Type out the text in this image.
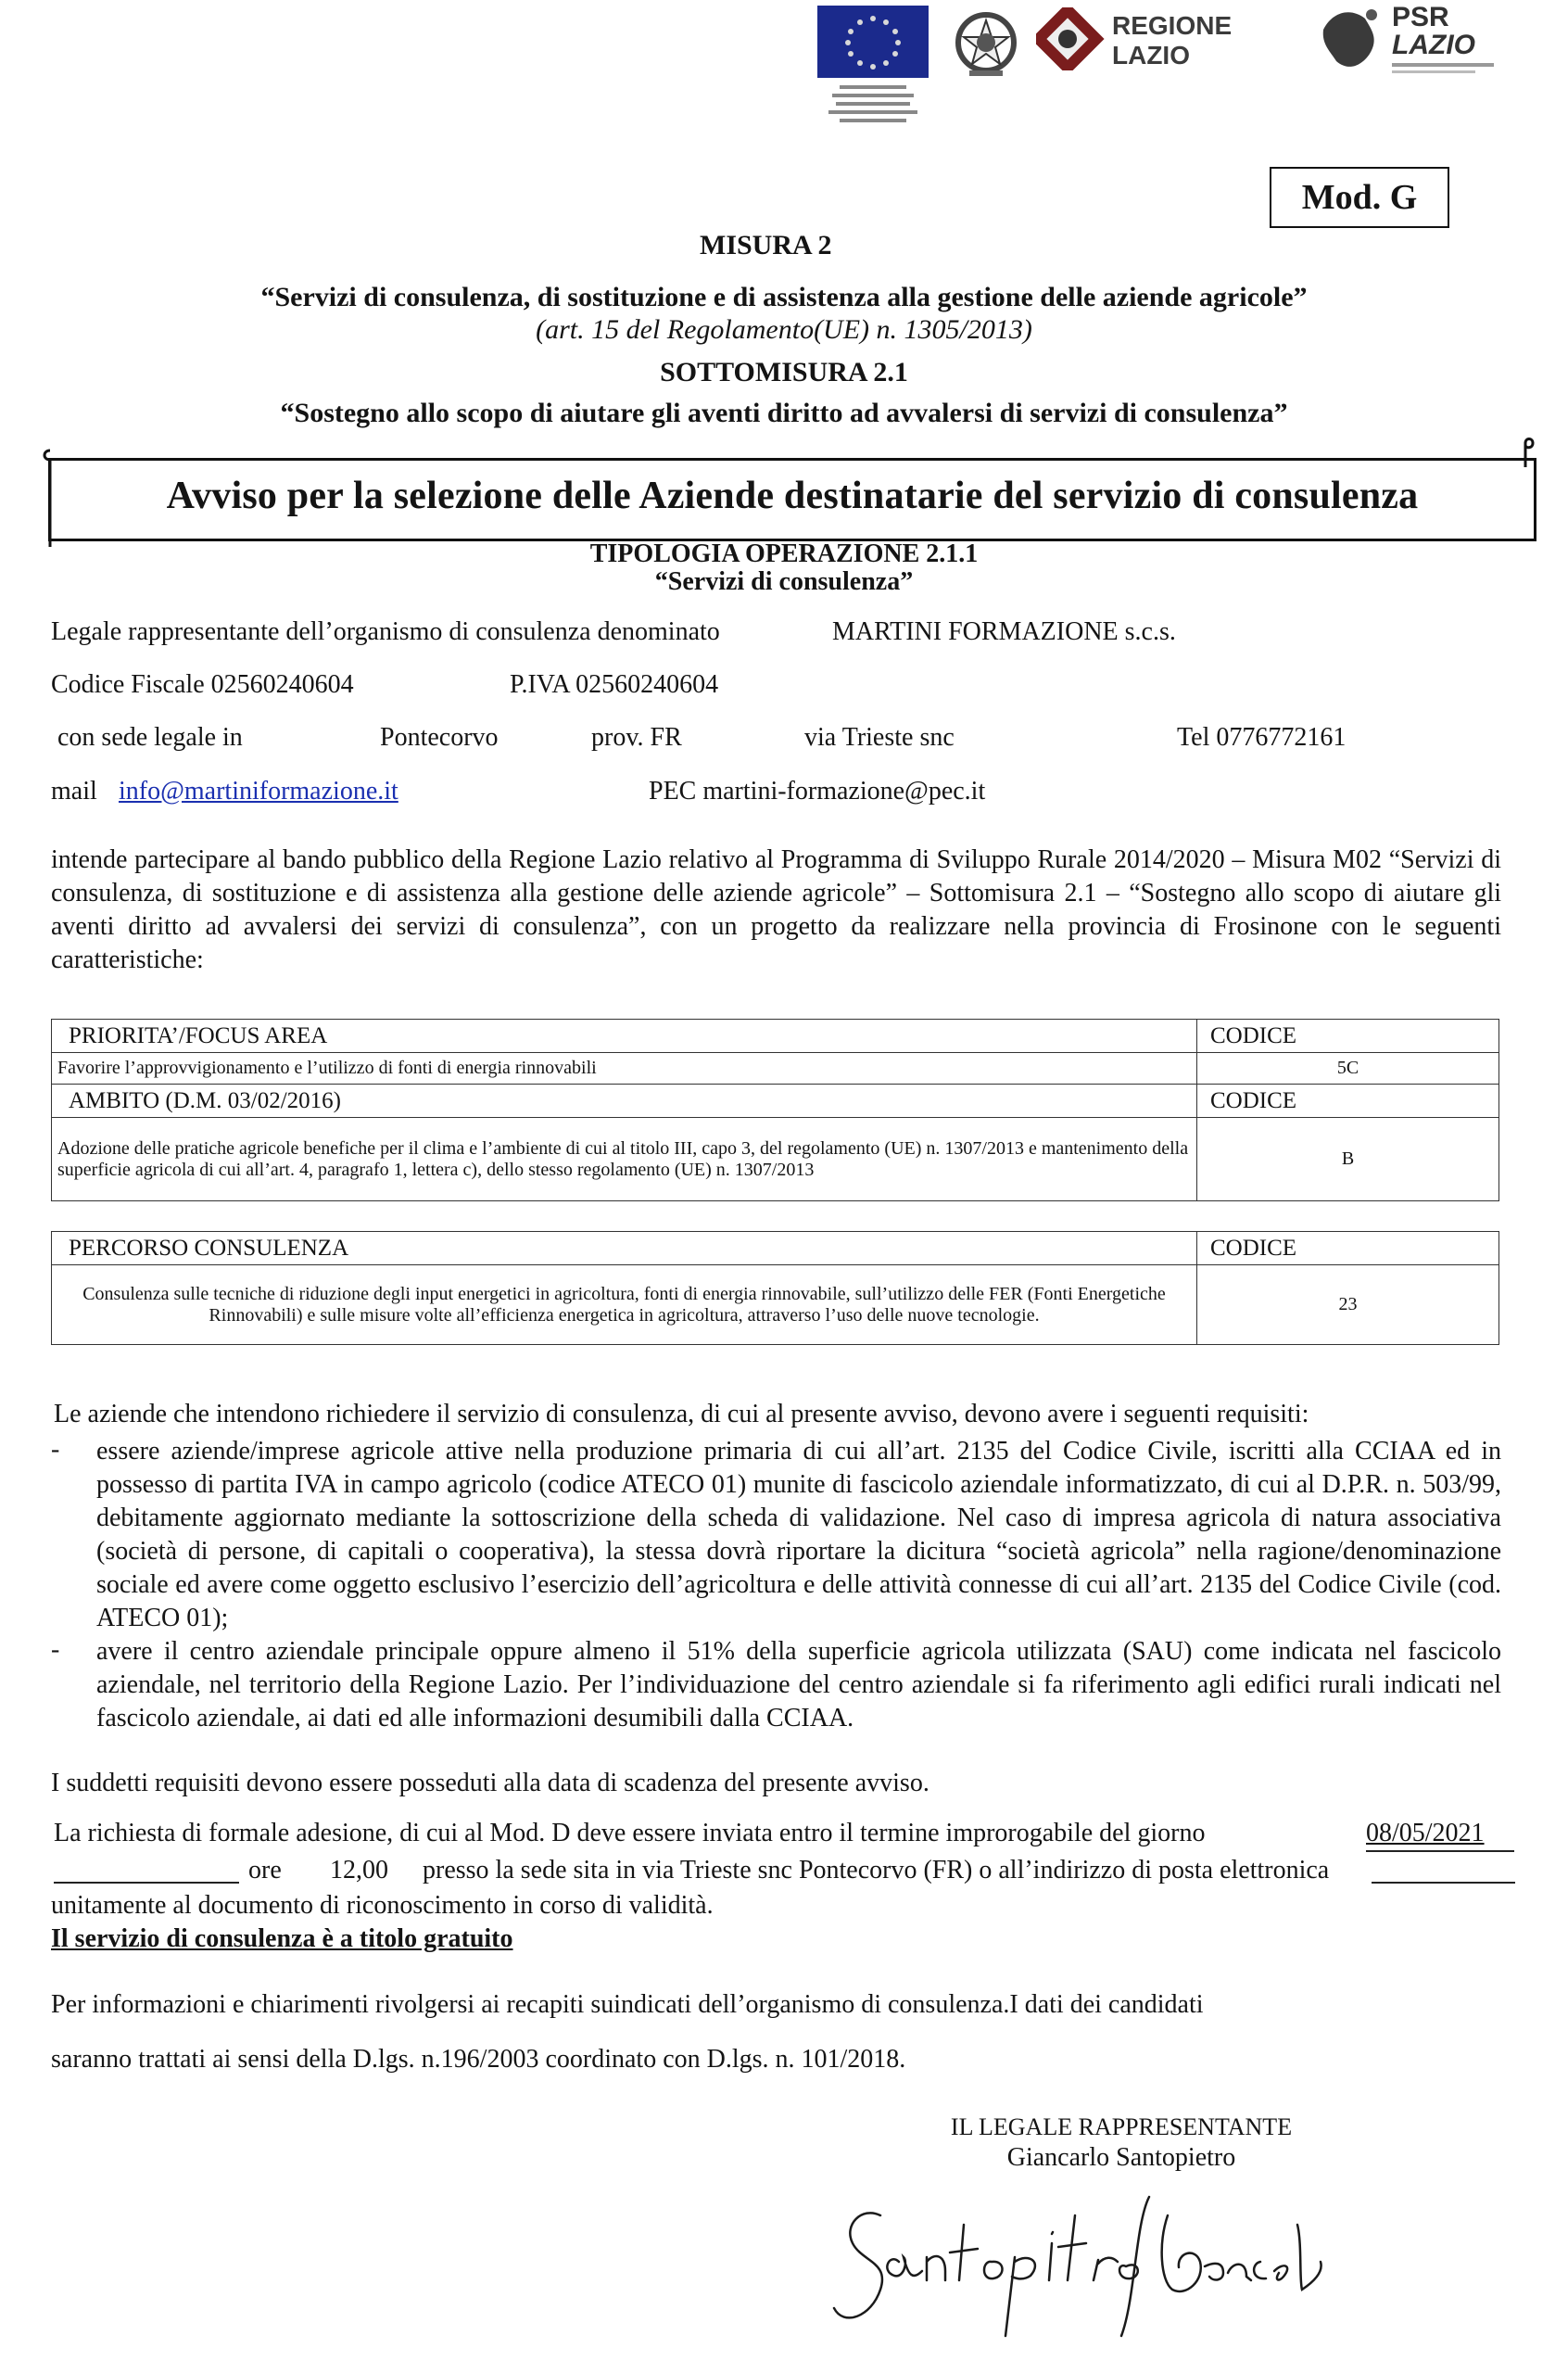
REGIONE
LAZIO
PSR
LAZIO
Mod. G
MISURA 2
“Servizi di consulenza, di sostituzione e di assistenza alla gestione delle aziende agricole”
(art. 15 del Regolamento(UE) n. 1305/2013)
SOTTOMISURA 2.1
“Sostegno allo scopo di aiutare gli aventi diritto ad avvalersi di servizi di consulenza”
Avviso per la selezione delle Aziende destinatarie del servizio di consulenza
TIPOLOGIA OPERAZIONE 2.1.1
“Servizi di consulenza”
Legale rappresentante dell’organismo di consulenza denominato	MARTINI FORMAZIONE s.c.s.
Codice Fiscale 02560240604	P.IVA 02560240604
con sede legale in	Pontecorvo	prov. FR	via Trieste snc	Tel 0776772161
mail info@martiniformazione.it	PEC martini-formazione@pec.it
intende partecipare al bando pubblico della Regione Lazio relativo al Programma di Sviluppo Rurale 2014/2020 – Misura M02 “Servizi di consulenza, di sostituzione e di assistenza alla gestione delle aziende agricole” – Sottomisura 2.1 – “Sostegno allo scopo di aiutare gli aventi diritto ad avvalersi dei servizi di consulenza”, con un progetto da realizzare nella provincia di Frosinone con le seguenti caratteristiche:
PRIORITA’/FOCUS AREA	CODICE
Favorire l’approvvigionamento e l’utilizzo di fonti di energia rinnovabili	5C
AMBITO (D.M. 03/02/2016)	CODICE
Adozione delle pratiche agricole benefiche per il clima e l’ambiente di cui al titolo III, capo 3, del regolamento (UE) n. 1307/2013 e mantenimento della superficie agricola di cui all’art. 4, paragrafo 1, lettera c), dello stesso regolamento (UE) n. 1307/2013	B

PERCORSO CONSULENZA	CODICE
Consulenza sulle tecniche di riduzione degli input energetici in agricoltura, fonti di energia rinnovabile, sull’utilizzo delle FER (Fonti Energetiche Rinnovabili) e sulle misure volte all’efficienza energetica in agricoltura, attraverso l’uso delle nuove tecnologie.	23
Le aziende che intendono richiedere il servizio di consulenza, di cui al presente avviso, devono avere i seguenti requisiti:
- essere aziende/imprese agricole attive nella produzione primaria di cui all’art. 2135 del Codice Civile, iscritti alla CCIAA ed in possesso di partita IVA in campo agricolo (codice ATECO 01) munite di fascicolo aziendale informatizzato, di cui al D.P.R. n. 503/99, debitamente aggiornato mediante la sottoscrizione della scheda di validazione. Nel caso di impresa agricola di natura associativa (società di persone, di capitali o cooperativa), la stessa dovrà riportare la dicitura “società agricola” nella ragione/denominazione sociale ed avere come oggetto esclusivo l’esercizio dell’agricoltura e delle attività connesse di cui all’art. 2135 del Codice Civile (cod. ATECO 01);
- avere il centro aziendale principale oppure almeno il 51% della superficie agricola utilizzata (SAU) come indicata nel fascicolo aziendale, nel territorio della Regione Lazio. Per l’individuazione del centro aziendale si fa riferimento agli edifici rurali indicati nel fascicolo aziendale, ai dati ed alle informazioni desumibili dalla CCIAA.
I suddetti requisiti devono essere posseduti alla data di scadenza del presente avviso.
La richiesta di formale adesione, di cui al Mod. D deve essere inviata entro il termine improrogabile del giorno	08/05/2021
ore 12,00 presso la sede sita in via Trieste snc Pontecorvo (FR) o all’indirizzo di posta elettronica
unitamente al documento di riconoscimento in corso di validità.
Il servizio di consulenza è a titolo gratuito
Per informazioni e chiarimenti rivolgersi ai recapiti suindicati dell’organismo di consulenza.I dati dei candidati
saranno trattati ai sensi della D.lgs. n.196/2003 coordinato con D.lgs. n. 101/2018.
IL LEGALE RAPPRESENTANTE
Giancarlo Santopietro
